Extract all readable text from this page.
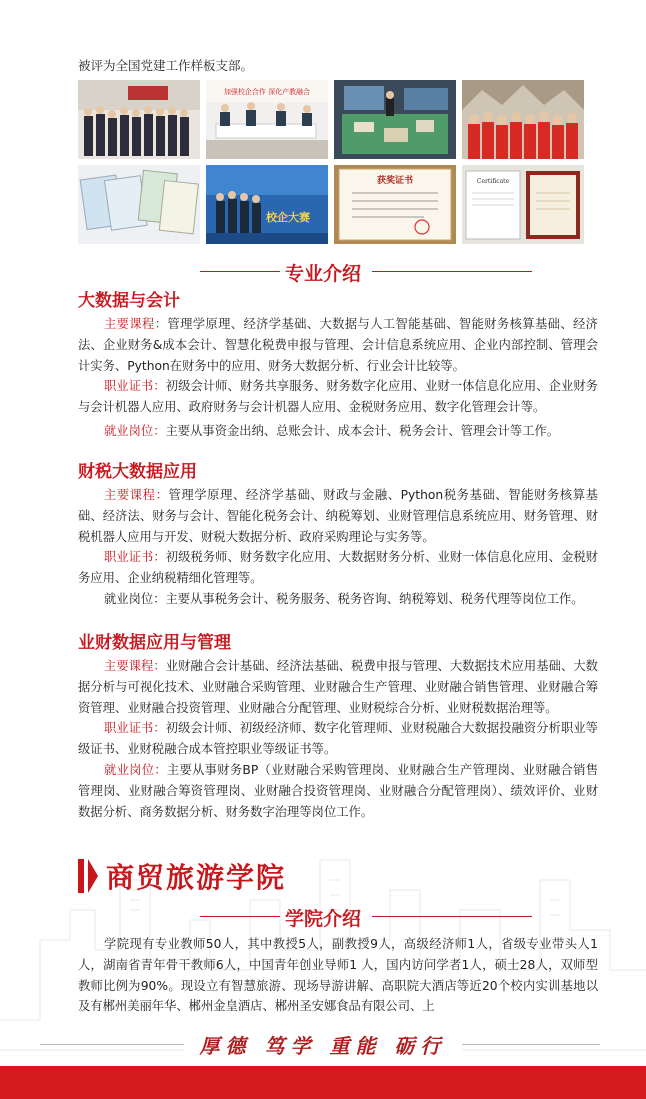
被评为全国党建工作样板支部。
加强校企合作 深化产教融合
校企大赛
获奖证书	Certificate
专业介绍
大数据与会计
主要课程：管理学原理、经济学基础、大数据与人工智能基础、智能财务核算基础、经济法、企业财务&成本会计、智慧化税费申报与管理、会计信息系统应用、企业内部控制、管理会计实务、Python在财务中的应用、财务大数据分析、行业会计比较等。
职业证书：初级会计师、财务共享服务、财务数字化应用、业财一体信息化应用、企业财务与会计机器人应用、政府财务与会计机器人应用、金税财务应用、数字化管理会计等。
就业岗位：主要从事资金出纳、总账会计、成本会计、税务会计、管理会计等工作。
财税大数据应用
主要课程：管理学原理、经济学基础、财政与金融、Python税务基础、智能财务核算基础、经济法、财务与会计、智能化税务会计、纳税筹划、业财管理信息系统应用、财务管理、财税机器人应用与开发、财税大数据分析、政府采购理论与实务等。
职业证书：初级税务师、财务数字化应用、大数据财务分析、业财一体信息化应用、金税财务应用、企业纳税精细化管理等。
就业岗位：主要从事税务会计、税务服务、税务咨询、纳税筹划、税务代理等岗位工作。
业财数据应用与管理
主要课程：业财融合会计基础、经济法基础、税费申报与管理、大数据技术应用基础、大数据分析与可视化技术、业财融合采购管理、业财融合生产管理、业财融合销售管理、业财融合筹资管理、业财融合投资管理、业财融合分配管理、业财税综合分析、业财税数据治理等。
职业证书：初级会计师、初级经济师、数字化管理师、业财税融合大数据投融资分析职业等级证书、业财税融合成本管控职业等级证书等。
就业岗位：主要从事财务BP（业财融合采购管理岗、业财融合生产管理岗、业财融合销售管理岗、业财融合筹资管理岗、业财融合投资管理岗、业财融合分配管理岗）、绩效评价、业财数据分析、商务数据分析、财务数字治理等岗位工作。
商贸旅游学院
学院介绍
学院现有专业教师50人，其中教授5人，副教授9人，高级经济师1人，省级专业带头人1人，湖南省青年骨干教师6人，中国青年创业导师1 人，国内访问学者1人，硕士28人，双师型教师比例为90%。现设立有智慧旅游、现场导游讲解、高职院大酒店等近20个校内实训基地以及有郴州美丽年华、郴州金皇酒店、郴州圣安娜食品有限公司、上
厚德 笃学 重能 砺行
